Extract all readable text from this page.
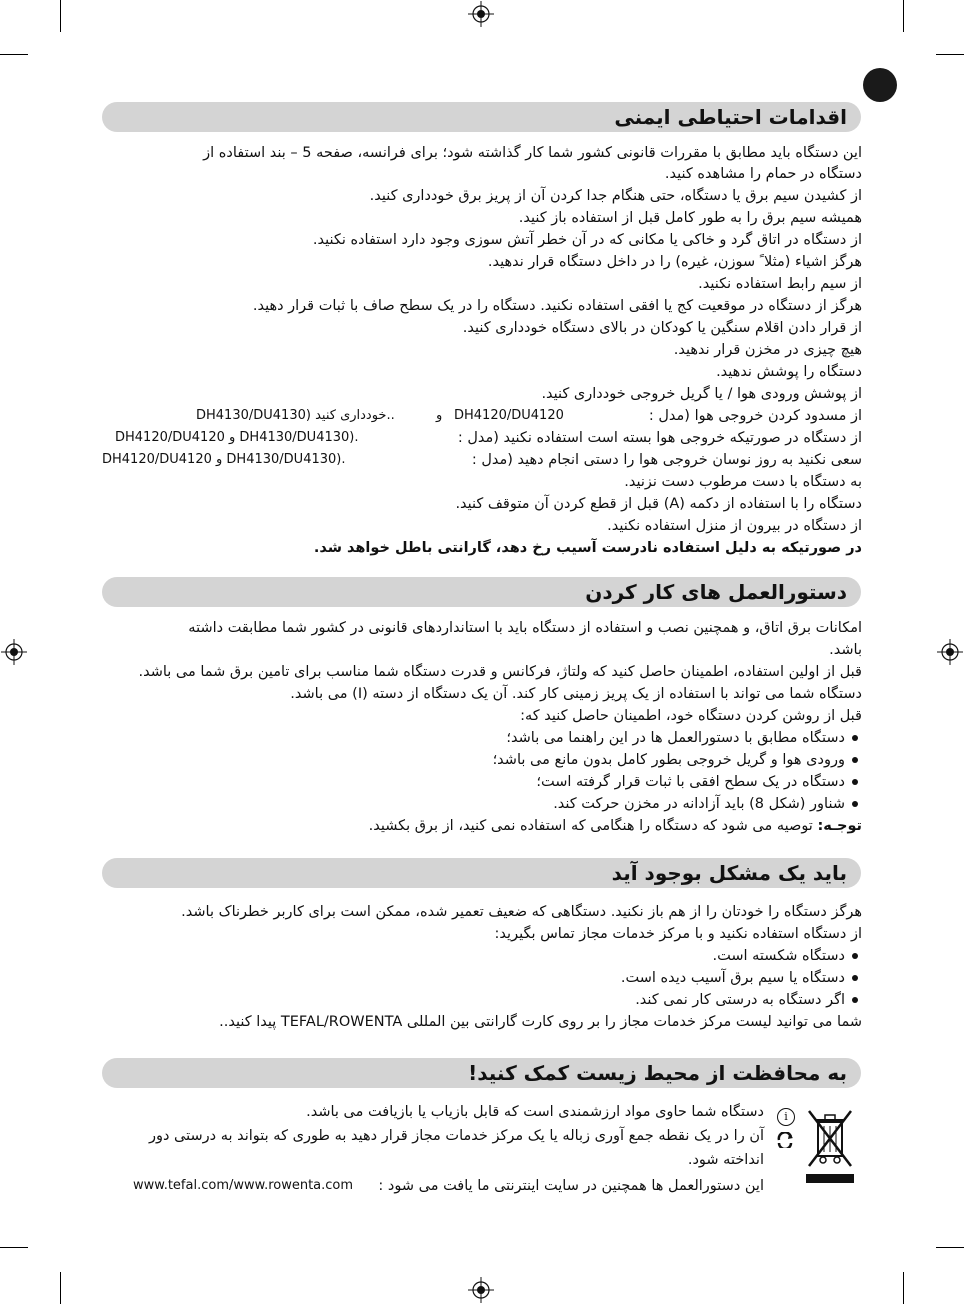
اقدامات احتیاطی ایمنی
این دستگاه باید مطابق با مقررات قانونی کشور شما کار گذاشته شود؛ برای فرانسه، صفحه 5 – بند استفاده از
دستگاه در حمام را مشاهده کنید.
از کشیدن سیم برق یا دستگاه، حتی هنگام جدا کردن آن از پریز برق خودداری کنید.
همیشه سیم برق را به طور کامل قبل از استفاده باز کنید.
از دستگاه در اتاق گرد و خاکی یا مکانی که در آن خطر آتش سوزی وجود دارد استفاده نکنید.
هرگز اشیاء (مثلا ً سوزن، غیره) را در داخل دستگاه قرار ندهید.
از سیم رابط استفاده نکنید.
هرگز از دستگاه در موقعیت کج یا افقی استفاده نکنید. دستگاه را در یک سطح صاف با ثبات قرار دهید.
از قرار دادن اقلام سنگین یا کودکان در بالای دستگاه خودداری کنید.
هیچ چیزی در مخزن قرار ندهید.
دستگاه را پوشش ندهید.
از پوشش ورودی هوا / یا گریل خروجی خودداری کنید.
از مسدود کردن خروجی هوا (مدل :
DH4120/DU4120
و
DH4130/DU4130) خودداری کنید..
از دستگاه در صورتیکه خروجی هوا بسته است استفاده نکنید (مدل :
DH4120/DU4120 و DH4130/DU4130).
سعی نکنید به روز نوسان خروجی هوا را دستی انجام دهید (مدل :
DH4120/DU4120 و DH4130/DU4130).
به دستگاه با دست مرطوب دست نزنید.
دستگاه را با استفاده از دکمه (A) قبل از قطع کردن آن متوقف کنید.
از دستگاه در بیرون از منزل استفاده نکنید.
در صورتیکه به دلیل استفاده نادرست آسیب رخ دهد، گارانتی باطل خواهد شد.
دستورالعمل های کار کردن
امکانات برق اتاق، و همچنین نصب و استفاده از دستگاه باید با استانداردهای قانونی در کشور شما مطابقت داشته
باشد.
قبل از اولین استفاده، اطمینان حاصل کنید که ولتاژ، فرکانس و قدرت دستگاه شما مناسب برای تامین برق شما می باشد.
دستگاه شما می تواند با استفاده از یک پریز زمینی کار کند. آن یک دستگاه از دسته (I) می باشد.
قبل از روشن کردن دستگاه خود، اطمینان حاصل کنید که:
دستگاه مطابق با دستورالعمل ها در این راهنما می باشد؛
ورودی هوا و گریل خروجی بطور کامل بدون مانع می باشد؛
دستگاه در یک سطح افقی با ثبات قرار گرفته است؛
شناور (شکل 8) باید آزادانه در مخزن حرکت کند.
توجـه: توصیه می شود که دستگاه را هنگامی که استفاده نمی کنید، از برق بکشید.
باید یک مشکل بوجود آید
هرگز دستگاه را خودتان را از هم باز نکنید. دستگاهی که ضعیف تعمیر شده، ممکن است برای کاربر خطرناک باشد.
از دستگاه استفاده نکنید و با مرکز خدمات مجاز تماس بگیرید:
دستگاه شکسته است.
دستگاه یا سیم برق آسیب دیده است.
اگر دستگاه به درستی کار نمی کند.
شما می توانید لیست مرکز خدمات مجاز را بر روی کارت گارانتی بین المللی TEFAL/ROWENTA پیدا کنید..
به محافظت از محیط زیست کمک کنید!
i
دستگاه شما حاوی مواد ارزشمندی است که قابل بازیاب یا بازیافت می باشد.
آن را در یک نقطه جمع آوری زباله یا یک مرکز خدمات مجاز قرار دهید به طوری که بتواند به درستی دور
انداخته شود.
این دستورالعمل ها همچنین در سایت اینترنتی ما یافت می شود :
www.tefal.com/www.rowenta.com
